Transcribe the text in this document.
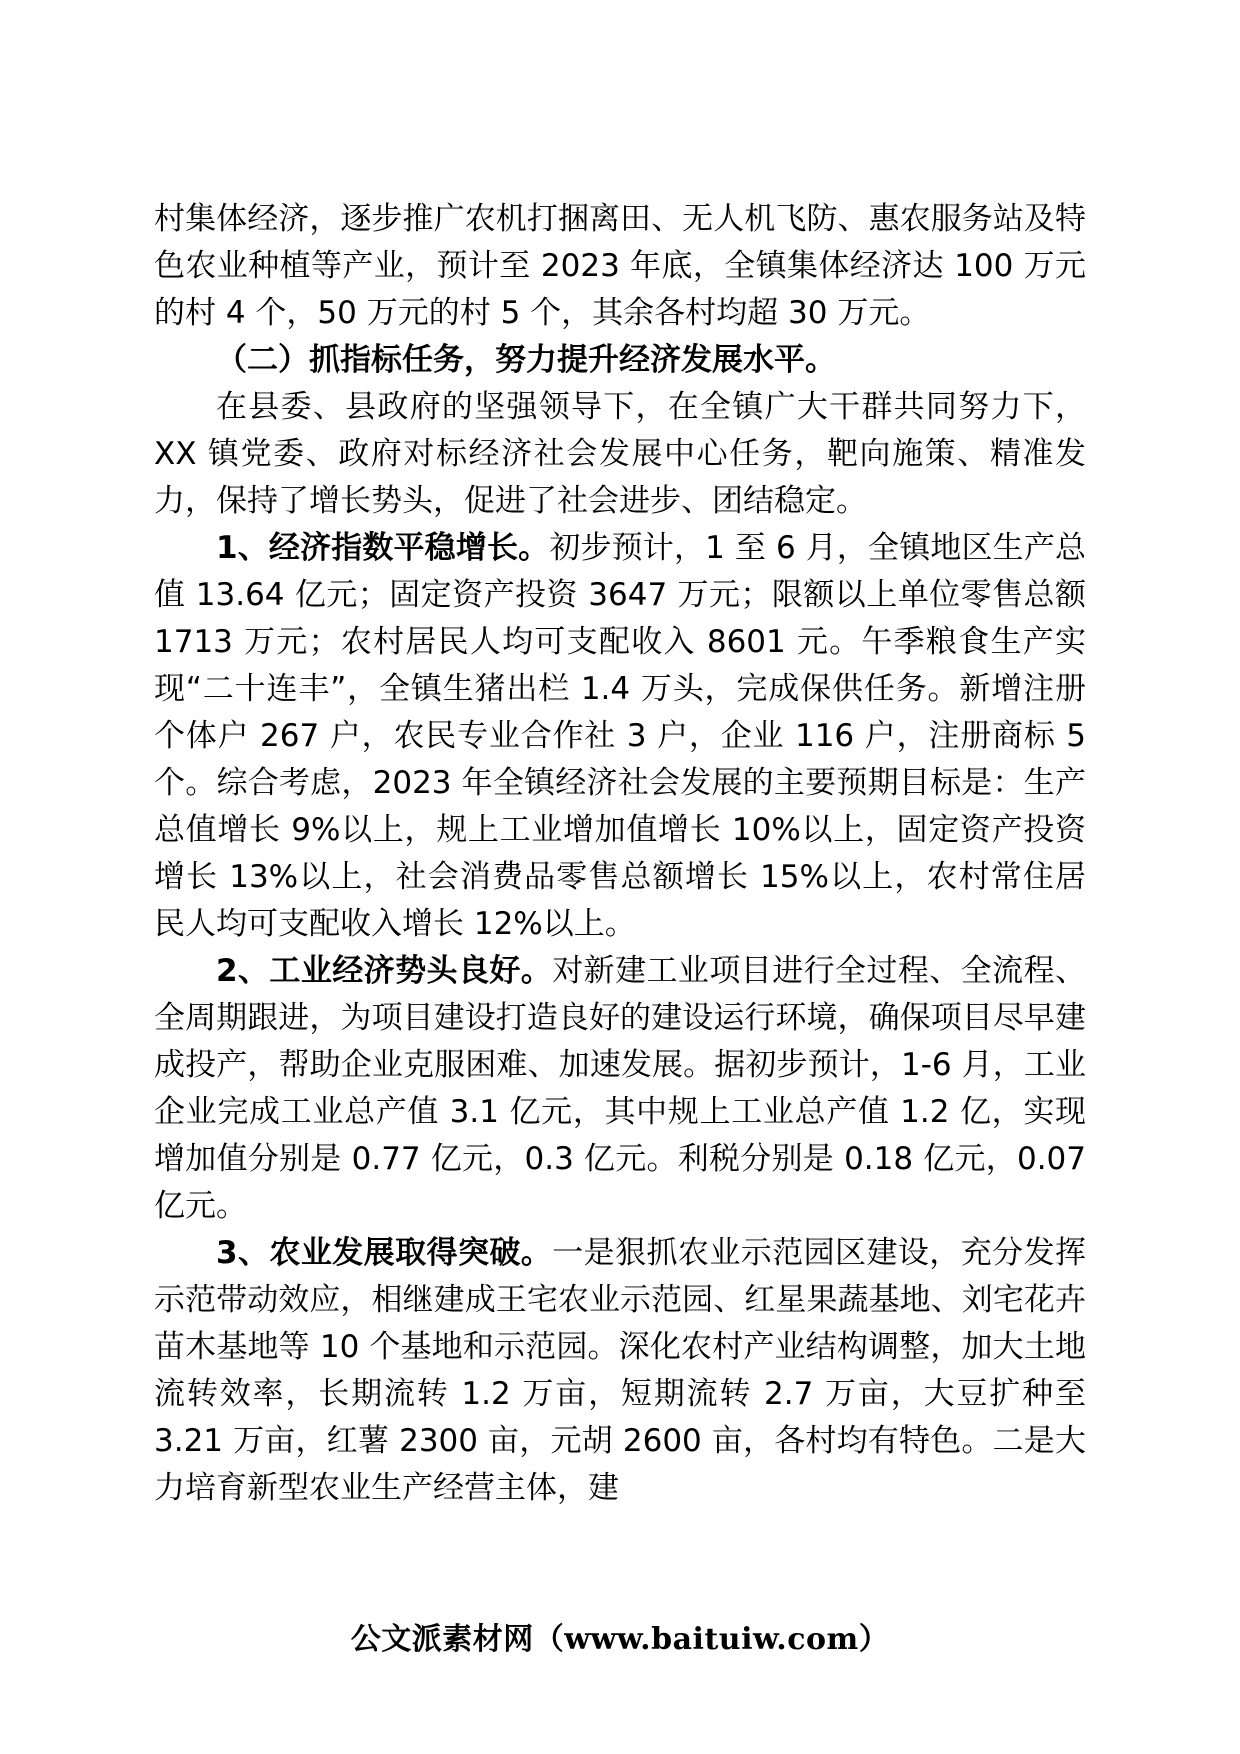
村集体经济，逐步推广农机打捆离田、无人机飞防、惠农服务站及特色农业种植等产业，预计至 2023 年底，全镇集体经济达 100 万元的村 4 个，50 万元的村 5 个，其余各村均超 30 万元。

（二）抓指标任务，努力提升经济发展水平。

在县委、县政府的坚强领导下，在全镇广大干群共同努力下，XX 镇党委、政府对标经济社会发展中心任务，靶向施策、精准发力，保持了增长势头，促进了社会进步、团结稳定。

1、经济指数平稳增长。初步预计，1 至 6 月，全镇地区生产总值 13.64 亿元；固定资产投资 3647 万元；限额以上单位零售总额 1713 万元；农村居民人均可支配收入 8601 元。午季粮食生产实现“二十连丰”，全镇生猪出栏 1.4 万头，完成保供任务。新增注册个体户 267 户，农民专业合作社 3 户，企业 116 户，注册商标 5 个。综合考虑，2023 年全镇经济社会发展的主要预期目标是：生产总值增长 9%以上，规上工业增加值增长 10%以上，固定资产投资增长 13%以上，社会消费品零售总额增长 15%以上，农村常住居民人均可支配收入增长 12%以上。

2、工业经济势头良好。对新建工业项目进行全过程、全流程、全周期跟进，为项目建设打造良好的建设运行环境，确保项目尽早建成投产，帮助企业克服困难、加速发展。据初步预计，1-6 月，工业企业完成工业总产值 3.1 亿元，其中规上工业总产值 1.2 亿，实现增加值分别是 0.77 亿元，0.3 亿元。利税分别是 0.18 亿元，0.07 亿元。

3、农业发展取得突破。一是狠抓农业示范园区建设，充分发挥示范带动效应，相继建成王宅农业示范园、红星果蔬基地、刘宅花卉苗木基地等 10 个基地和示范园。深化农村产业结构调整，加大土地流转效率，长期流转 1.2 万亩，短期流转 2.7 万亩，大豆扩种至 3.21 万亩，红薯 2300 亩，元胡 2600 亩，各村均有特色。二是大力培育新型农业生产经营主体，建

公文派素材网（www.baituiw.com）
